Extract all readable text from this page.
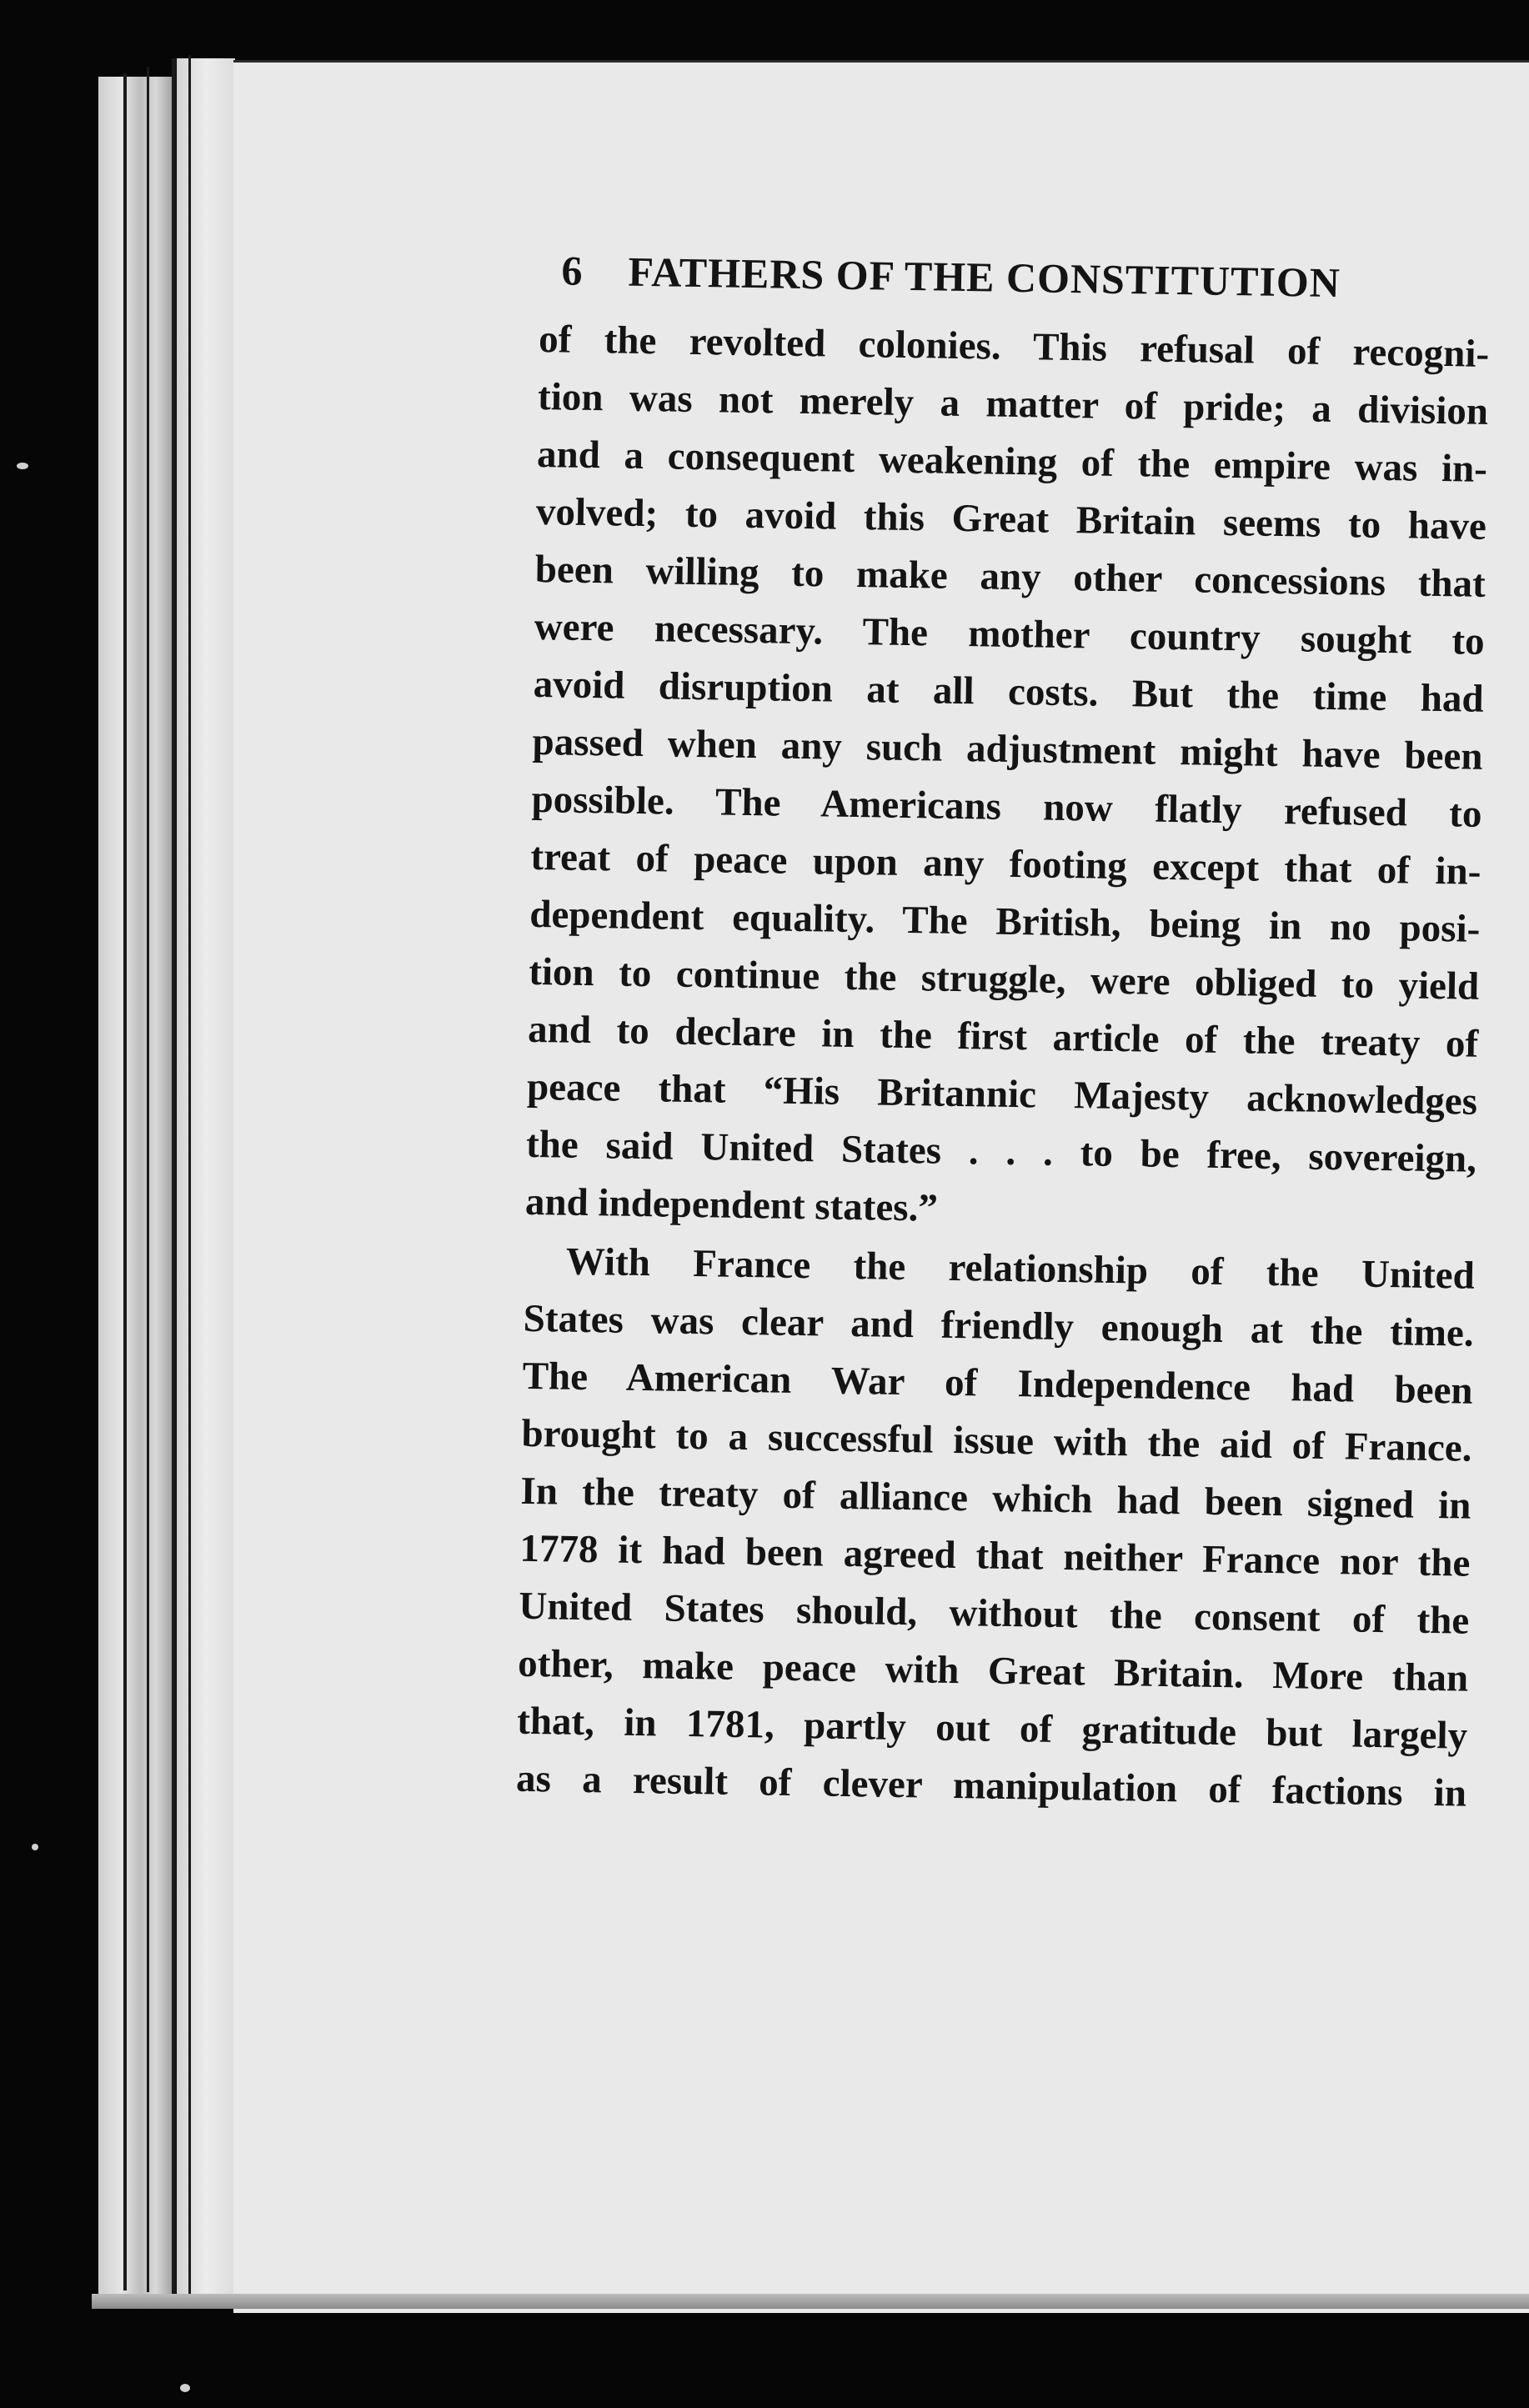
6	FATHERS OF THE CONSTITUTION
of the revolted colonies. This refusal of recogni-
tion was not merely a matter of pride; a division
and a consequent weakening of the empire was in-
volved; to avoid this Great Britain seems to have
been willing to make any other concessions that
were necessary. The mother country sought to
avoid disruption at all costs. But the time had
passed when any such adjustment might have been
possible. The Americans now flatly refused to
treat of peace upon any footing except that of in-
dependent equality. The British, being in no posi-
tion to continue the struggle, were obliged to yield
and to declare in the first article of the treaty of
peace that “His Britannic Majesty acknowledges
the said United States . . . to be free, sovereign,
and independent states.”
With France the relationship of the United
States was clear and friendly enough at the time.
The American War of Independence had been
brought to a successful issue with the aid of France.
In the treaty of alliance which had been signed in
1778 it had been agreed that neither France nor the
United States should, without the consent of the
other, make peace with Great Britain. More than
that, in 1781, partly out of gratitude but largely
as a result of clever manipulation of factions in
